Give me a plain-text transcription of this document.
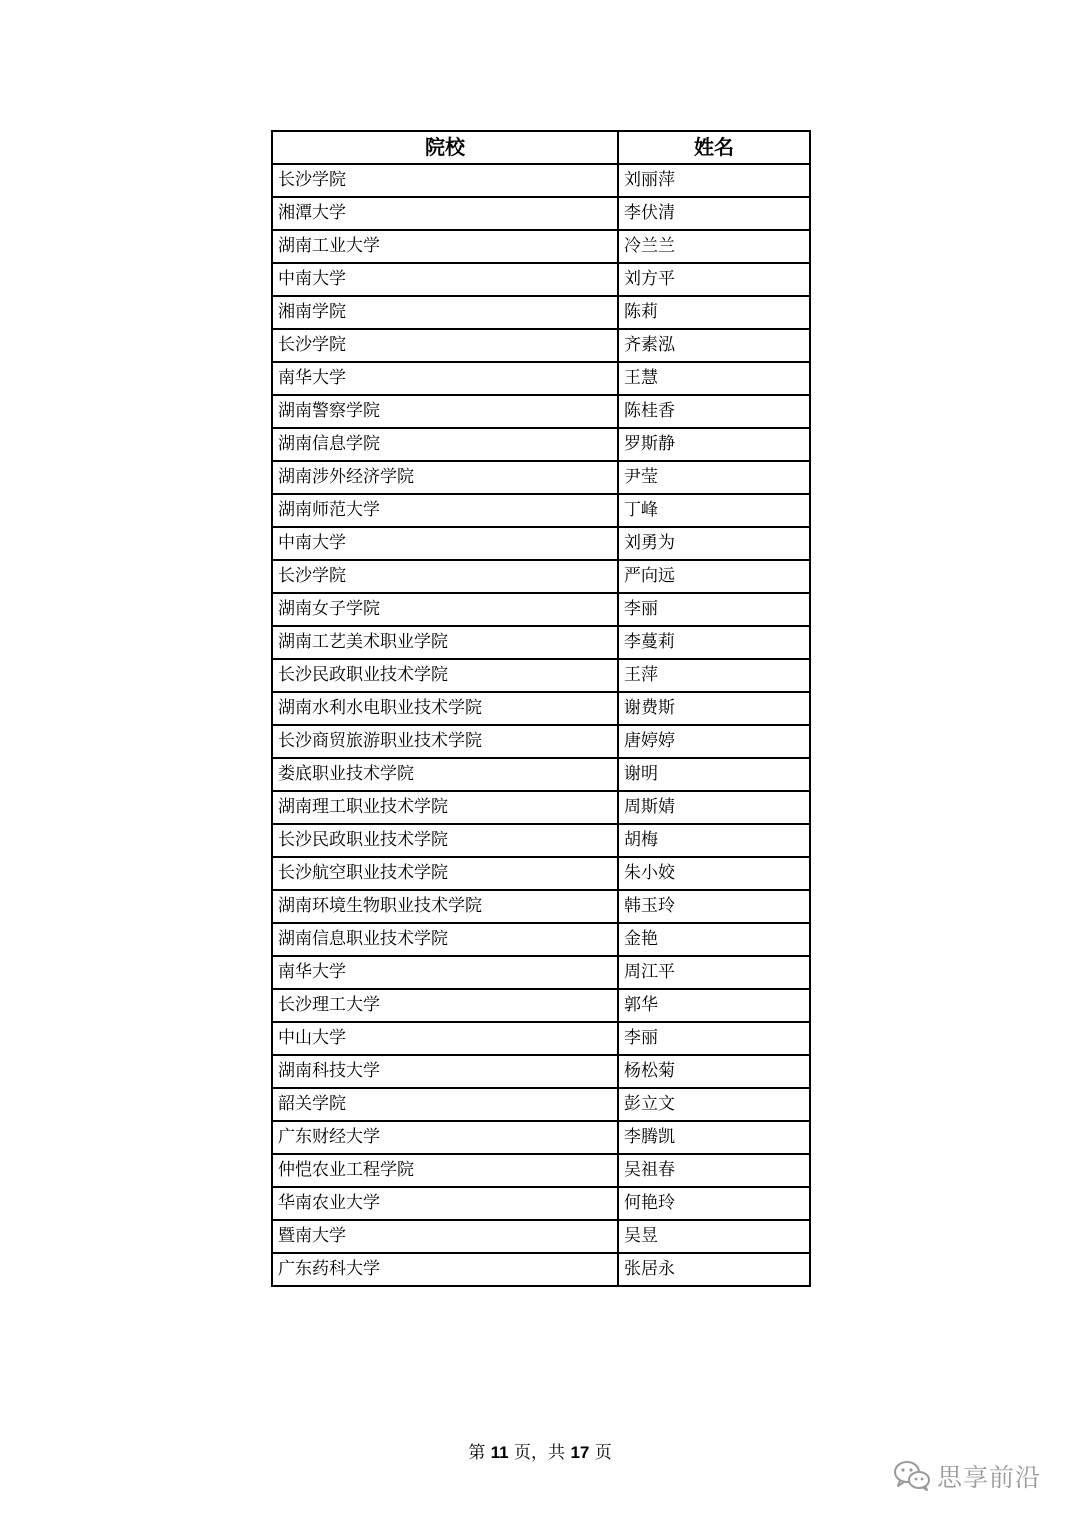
院校	姓名
长沙学院	刘丽萍
湘潭大学	李伏清
湖南工业大学	冷兰兰
中南大学	刘方平
湘南学院	陈莉
长沙学院	齐素泓
南华大学	王慧
湖南警察学院	陈桂香
湖南信息学院	罗斯静
湖南涉外经济学院	尹莹
湖南师范大学	丁峰
中南大学	刘勇为
长沙学院	严向远
湖南女子学院	李丽
湖南工艺美术职业学院	李蔓莉
长沙民政职业技术学院	王萍
湖南水利水电职业技术学院	谢费斯
长沙商贸旅游职业技术学院	唐婷婷
娄底职业技术学院	谢明
湖南理工职业技术学院	周斯婧
长沙民政职业技术学院	胡梅
长沙航空职业技术学院	朱小姣
湖南环境生物职业技术学院	韩玉玲
湖南信息职业技术学院	金艳
南华大学	周江平
长沙理工大学	郭华
中山大学	李丽
湖南科技大学	杨松菊
韶关学院	彭立文
广东财经大学	李腾凯
仲恺农业工程学院	吴祖春
华南农业大学	何艳玲
暨南大学	吴昱
广东药科大学	张居永
第 11 页，共 17 页
思享前沿
